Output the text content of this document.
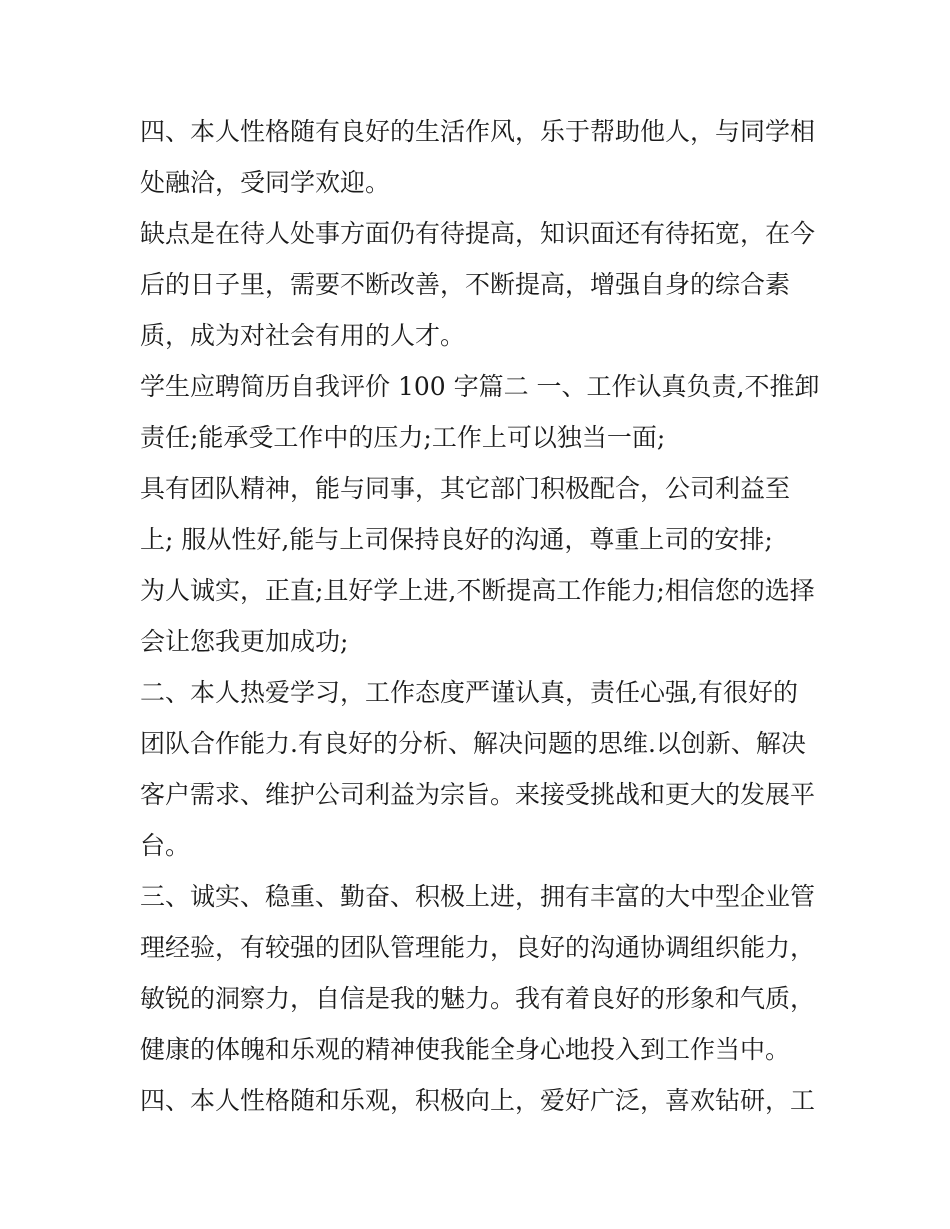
四、本人性格随有良好的生活作风，乐于帮助他人，与同学相
处融洽，受同学欢迎。
缺点是在待人处事方面仍有待提高，知识面还有待拓宽，在今
后的日子里，需要不断改善，不断提高，增强自身的综合素
质，成为对社会有用的人才。
学生应聘简历自我评价 100 字篇二 一、工作认真负责,不推卸
责任;能承受工作中的压力;工作上可以独当一面;
具有团队精神，能与同事，其它部门积极配合，公司利益至
上; 服从性好,能与上司保持良好的沟通，尊重上司的安排;
为人诚实，正直;且好学上进,不断提高工作能力;相信您的选择
会让您我更加成功;
二、本人热爱学习，工作态度严谨认真，责任心强,有很好的
团队合作能力.有良好的分析、解决问题的思维.以创新、解决
客户需求、维护公司利益为宗旨。来接受挑战和更大的发展平
台。
三、诚实、稳重、勤奋、积极上进，拥有丰富的大中型企业管
理经验，有较强的团队管理能力，良好的沟通协调组织能力，
敏锐的洞察力，自信是我的魅力。我有着良好的形象和气质，
健康的体魄和乐观的精神使我能全身心地投入到工作当中。
四、本人性格随和乐观，积极向上，爱好广泛，喜欢钻研，工
